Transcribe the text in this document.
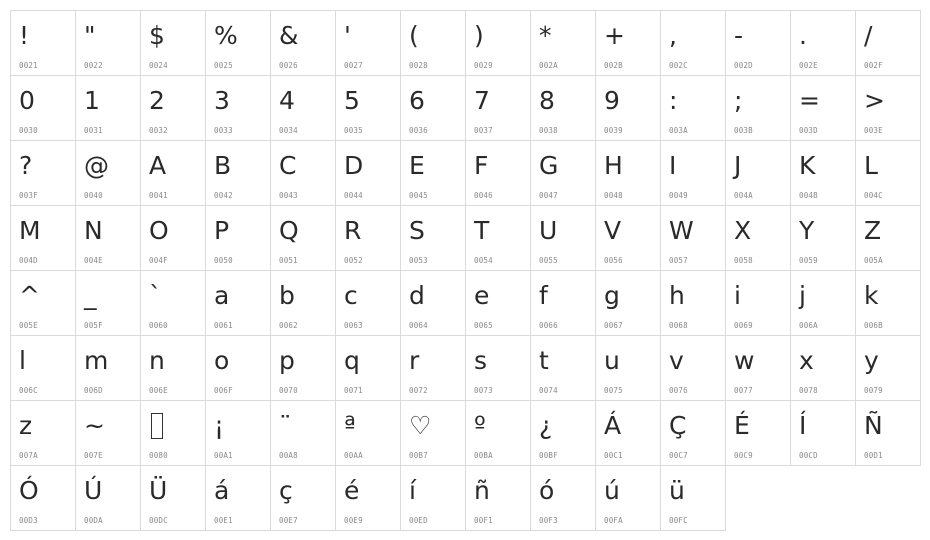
!
0021
"
0022
$
0024
%
0025
&
0026
'
0027
(
0028
)
0029
*
002A
+
002B
,
002C
-
002D
.
002E
/
002F
0
0030
1
0031
2
0032
3
0033
4
0034
5
0035
6
0036
7
0037
8
0038
9
0039
:
003A
;
003B
=
003D
>
003E
?
003F
@
0040
A
0041
B
0042
C
0043
D
0044
E
0045
F
0046
G
0047
H
0048
I
0049
J
004A
K
004B
L
004C
M
004D
N
004E
O
004F
P
0050
Q
0051
R
0052
S
0053
T
0054
U
0055
V
0056
W
0057
X
0058
Y
0059
Z
005A
^
005E
_
005F
`
0060
a
0061
b
0062
c
0063
d
0064
e
0065
f
0066
g
0067
h
0068
i
0069
j
006A
k
006B
l
006C
m
006D
n
006E
o
006F
p
0070
q
0071
r
0072
s
0073
t
0074
u
0075
v
0076
w
0077
x
0078
y
0079
z
007A
~
007E	0080
¡
00A1
¨
00A8
ª
00AA
♡
00B7
º
00BA
¿
00BF
Á
00C1
Ç
00C7
É
00C9
Í
00CD
Ñ
00D1
Ó
00D3
Ú
00DA
Ü
00DC
á
00E1
ç
00E7
é
00E9
í
00ED
ñ
00F1
ó
00F3
ú
00FA
ü
00FC
